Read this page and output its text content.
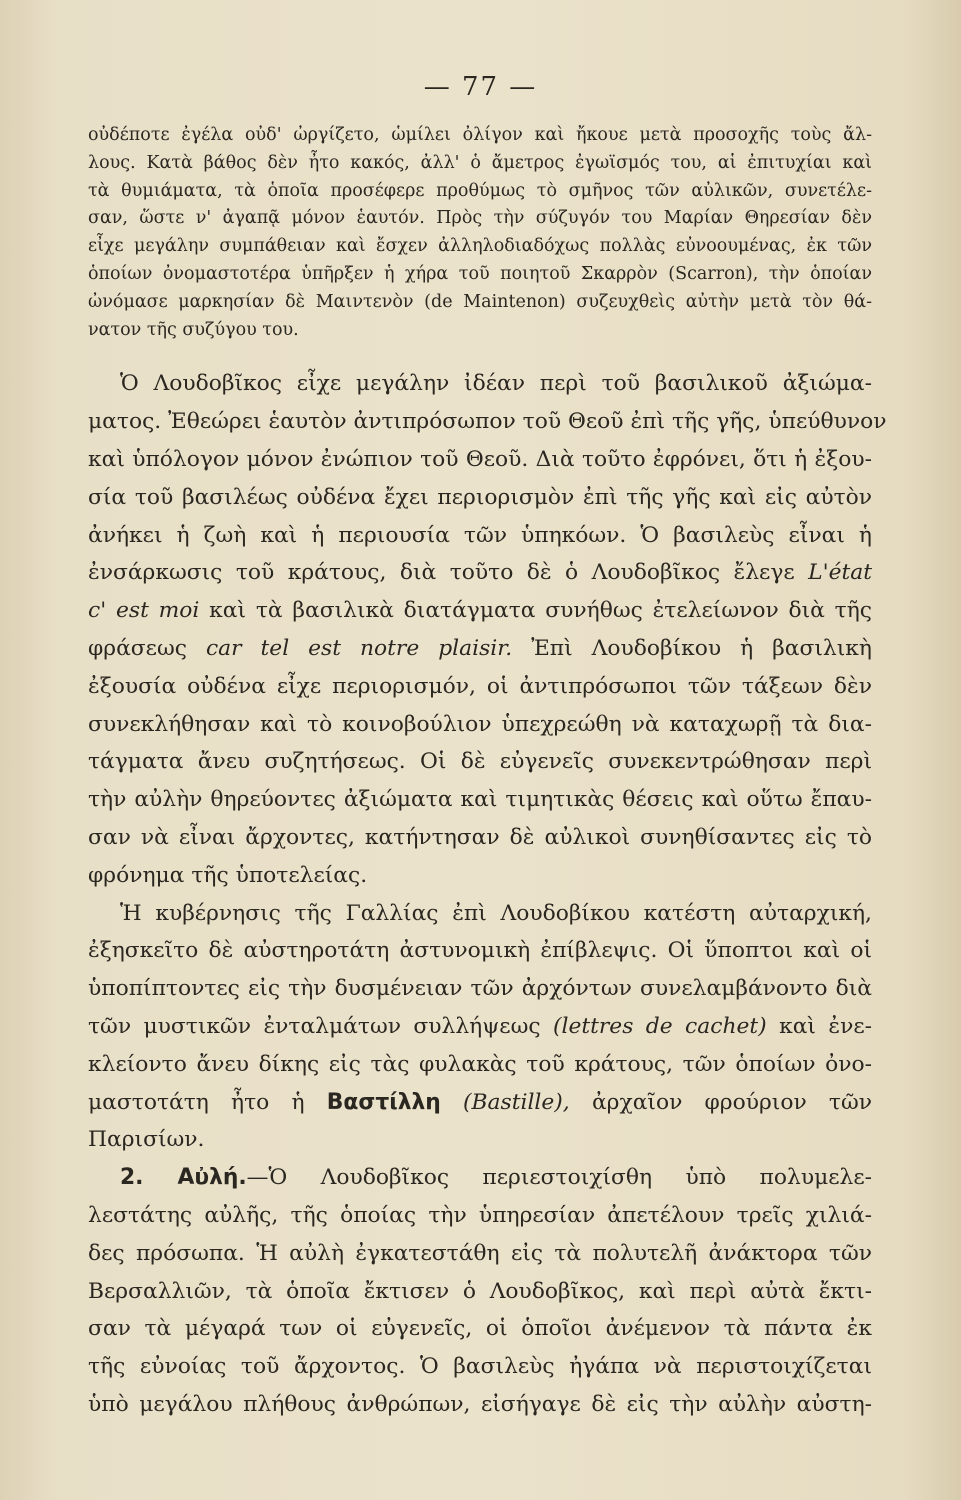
— 77 —
οὐδέποτε ἐγέλα οὐδ' ὠργίζετο, ὡμίλει ὀλίγον καὶ ἤκουε μετὰ προσοχῆς τοὺς ἄλ-
λους. Κατὰ βάθος δὲν ἦτο κακός, ἀλλ' ὁ ἄμετρος ἐγωϊσμός του, αἱ ἐπιτυχίαι καὶ
τὰ θυμιάματα, τὰ ὁποῖα προσέφερε προθύμως τὸ σμῆνος τῶν αὐλικῶν, συνετέλε-
σαν, ὥστε ν' ἀγαπᾷ μόνον ἑαυτόν. Πρὸς τὴν σύζυγόν του Μαρίαν Θηρεσίαν δὲν
εἶχε μεγάλην συμπάθειαν καὶ ἔσχεν ἀλληλοδιαδόχως πολλὰς εὐνοουμένας, ἐκ τῶν
ὁποίων ὀνομαστοτέρα ὑπῆρξεν ἡ χήρα τοῦ ποιητοῦ Σκαρρὸν (Scarron), τὴν ὁποίαν
ὠνόμασε μαρκησίαν δὲ Μαιντενὸν (de Maintenon) συζευχθεὶς αὐτὴν μετὰ τὸν θά-
νατον τῆς συζύγου του.
Ὁ Λουδοβῖκος εἶχε μεγάλην ἰδέαν περὶ τοῦ βασιλικοῦ ἀξιώμα-
ματος. Ἐθεώρει ἑαυτὸν ἀντιπρόσωπον τοῦ Θεοῦ ἐπὶ τῆς γῆς, ὑπεύθυνον
καὶ ὑπόλογον μόνον ἐνώπιον τοῦ Θεοῦ. Διὰ τοῦτο ἐφρόνει, ὅτι ἡ ἐξου-
σία τοῦ βασιλέως οὐδένα ἔχει περιορισμὸν ἐπὶ τῆς γῆς καὶ εἰς αὐτὸν
ἀνήκει ἡ ζωὴ καὶ ἡ περιουσία τῶν ὑπηκόων. Ὁ βασιλεὺς εἶναι ἡ
ἐνσάρκωσις τοῦ κράτους, διὰ τοῦτο δὲ ὁ Λουδοβῖκος ἔλεγε L'état
c' est moi καὶ τὰ βασιλικὰ διατάγματα συνήθως ἐτελείωνον διὰ τῆς
φράσεως car tel est notre plaisir. Ἐπὶ Λουδοβίκου ἡ βασιλικὴ
ἐξουσία οὐδένα εἶχε περιορισμόν, οἱ ἀντιπρόσωποι τῶν τάξεων δὲν
συνεκλήθησαν καὶ τὸ κοινοβούλιον ὑπεχρεώθη νὰ καταχωρῇ τὰ δια-
τάγματα ἄνευ συζητήσεως. Οἱ δὲ εὐγενεῖς συνεκεντρώθησαν περὶ
τὴν αὐλὴν θηρεύοντες ἀξιώματα καὶ τιμητικὰς θέσεις καὶ οὕτω ἔπαυ-
σαν νὰ εἶναι ἄρχοντες, κατήντησαν δὲ αὐλικοὶ συνηθίσαντες εἰς τὸ
φρόνημα τῆς ὑποτελείας.
Ἡ κυβέρνησις τῆς Γαλλίας ἐπὶ Λουδοβίκου κατέστη αὐταρχική,
ἐξησκεῖτο δὲ αὐστηροτάτη ἀστυνομικὴ ἐπίβλεψις. Οἱ ὕποπτοι καὶ οἱ
ὑποπίπτοντες εἰς τὴν δυσμένειαν τῶν ἀρχόντων συνελαμβάνοντο διὰ
τῶν μυστικῶν ἐνταλμάτων συλλήψεως (lettres de cachet) καὶ ἐνε-
κλείοντο ἄνευ δίκης εἰς τὰς φυλακὰς τοῦ κράτους, τῶν ὁποίων ὀνο-
μαστοτάτη ἦτο ἡ Βαστίλλη (Bastille), ἀρχαῖον φρούριον τῶν
Παρισίων.
2. Αὐλή.—Ὁ Λουδοβῖκος περιεστοιχίσθη ὑπὸ πολυμελε-
λεστάτης αὐλῆς, τῆς ὁποίας τὴν ὑπηρεσίαν ἀπετέλουν τρεῖς χιλιά-
δες πρόσωπα. Ἡ αὐλὴ ἐγκατεστάθη εἰς τὰ πολυτελῆ ἀνάκτορα τῶν
Βερσαλλιῶν, τὰ ὁποῖα ἔκτισεν ὁ Λουδοβῖκος, καὶ περὶ αὐτὰ ἔκτι-
σαν τὰ μέγαρά των οἱ εὐγενεῖς, οἱ ὁποῖοι ἀνέμενον τὰ πάντα ἐκ
τῆς εὐνοίας τοῦ ἄρχοντος. Ὁ βασιλεὺς ἠγάπα νὰ περιστοιχίζεται
ὑπὸ μεγάλου πλήθους ἀνθρώπων, εἰσήγαγε δὲ εἰς τὴν αὐλὴν αὐστη-
